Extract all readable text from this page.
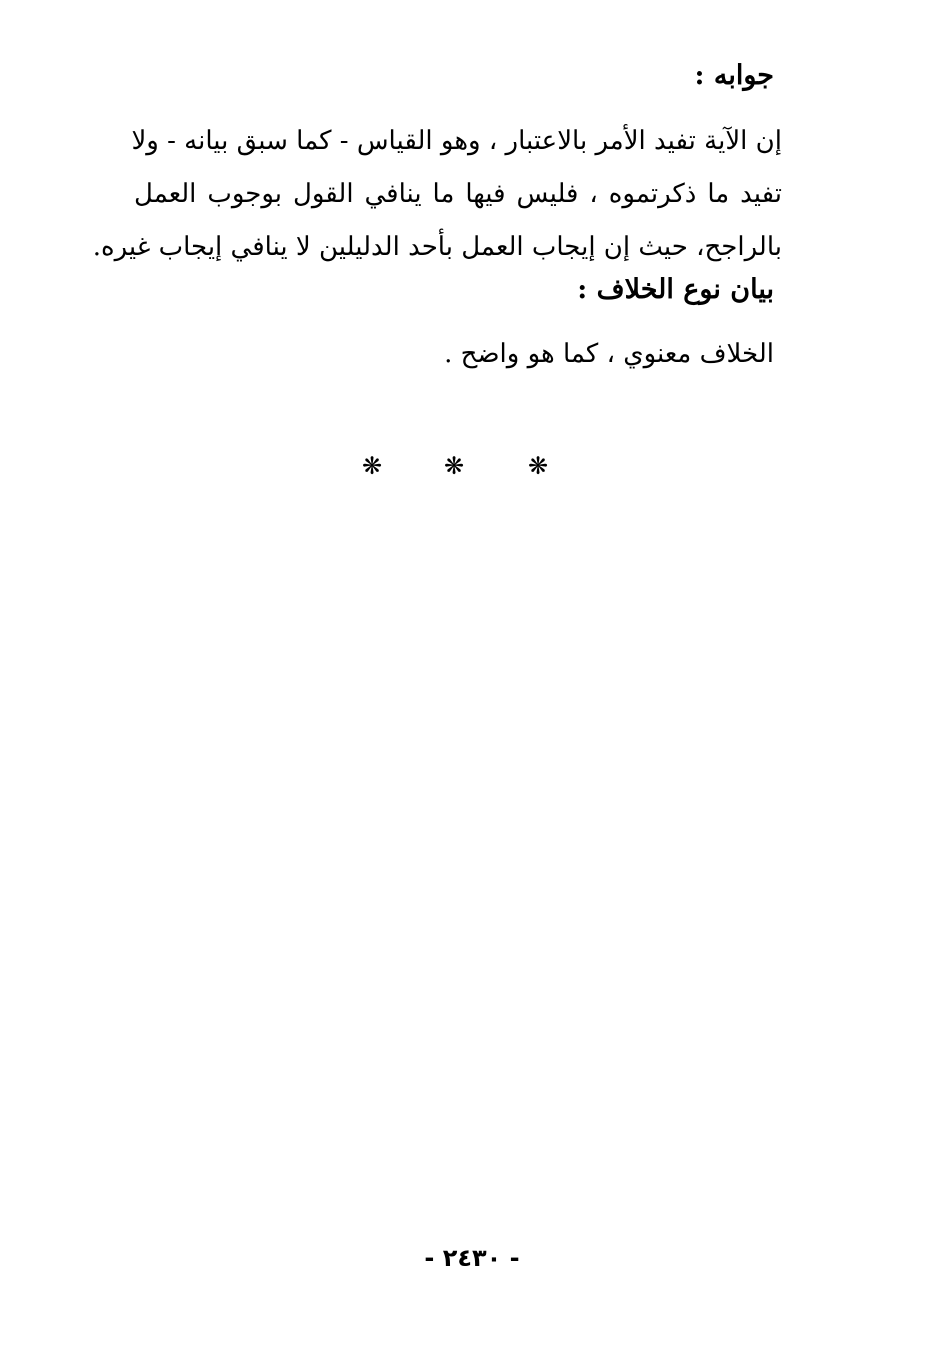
جوابه :
إن الآية تفيد الأمر بالاعتبار ، وهو القياس - كما سبق بيانه - ولا
تفيد ما ذكرتموه ، فليس فيها ما ينافي القول بوجوب العمل
بالراجح، حيث إن إيجاب العمل بأحد الدليلين لا ينافي إيجاب غيره.
بيان نوع الخلاف :
الخلاف معنوي ، كما هو واضح .
❋	❋	❋
- ٢٤٣٠ -
